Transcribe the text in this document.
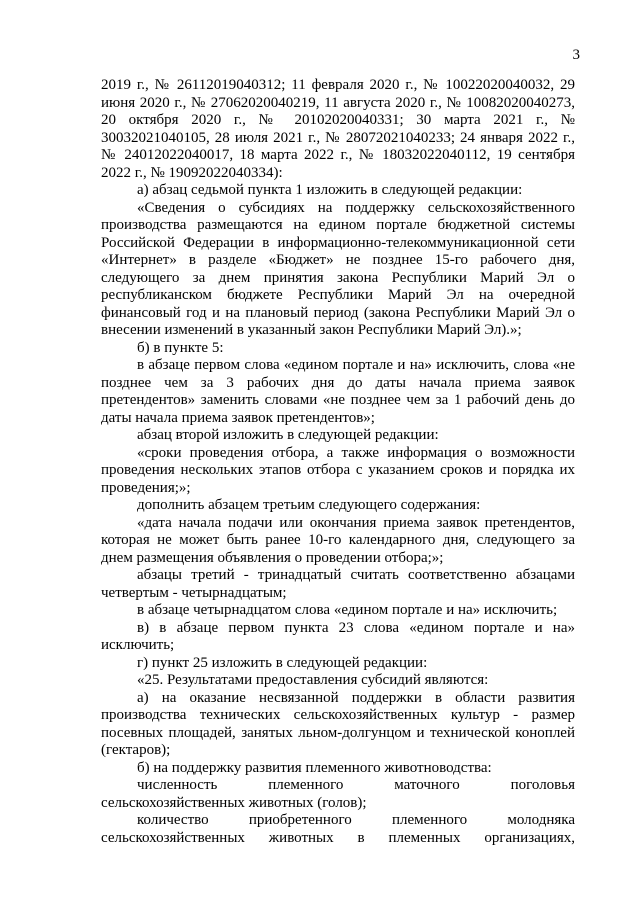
3

2019 г., № 26112019040312; 11 февраля 2020 г., № 10022020040032, 29 июня 2020 г., № 27062020040219, 11 августа 2020 г., № 10082020040273, 20 октября 2020 г., № 20102020040331; 30 марта 2021 г., № 30032021040105, 28 июля 2021 г., № 28072021040233; 24 января 2022 г., № 24012022040017, 18 марта 2022 г., № 18032022040112, 19 сентября 2022 г., № 19092022040334):

а) абзац седьмой пункта 1 изложить в следующей редакции:

«Сведения о субсидиях на поддержку сельскохозяйственного производства размещаются на едином портале бюджетной системы Российской Федерации в информационно-телекоммуникационной сети «Интернет» в разделе «Бюджет» не позднее 15-го рабочего дня, следующего за днем принятия закона Республики Марий Эл о республиканском бюджете Республики Марий Эл на очередной финансовый год и на плановый период (закона Республики Марий Эл о внесении изменений в указанный закон Республики Марий Эл).»;

б) в пункте 5:

в абзаце первом слова «едином портале и на» исключить, слова «не позднее чем за 3 рабочих дня до даты начала приема заявок претендентов» заменить словами «не позднее чем за 1 рабочий день до даты начала приема заявок претендентов»;

абзац второй изложить в следующей редакции:

«сроки проведения отбора, а также информация о возможности проведения нескольких этапов отбора с указанием сроков и порядка их проведения;»;

дополнить абзацем третьим следующего содержания:

«дата начала подачи или окончания приема заявок претендентов, которая не может быть ранее 10-го календарного дня, следующего за днем размещения объявления о проведении отбора;»;

абзацы третий - тринадцатый считать соответственно абзацами четвертым - четырнадцатым;

в абзаце четырнадцатом слова «едином портале и на» исключить;

в) в абзаце первом пункта 23 слова «едином портале и на» исключить;

г) пункт 25 изложить в следующей редакции:

«25. Результатами предоставления субсидий являются:

а) на оказание несвязанной поддержки в области развития производства технических сельскохозяйственных культур - размер посевных площадей, занятых льном-долгунцом и технической коноплей (гектаров);

б) на поддержку развития племенного животноводства:

численность племенного маточного поголовья сельскохозяйственных животных (голов);

количество приобретенного племенного молодняка сельскохозяйственных животных в племенных организациях,
